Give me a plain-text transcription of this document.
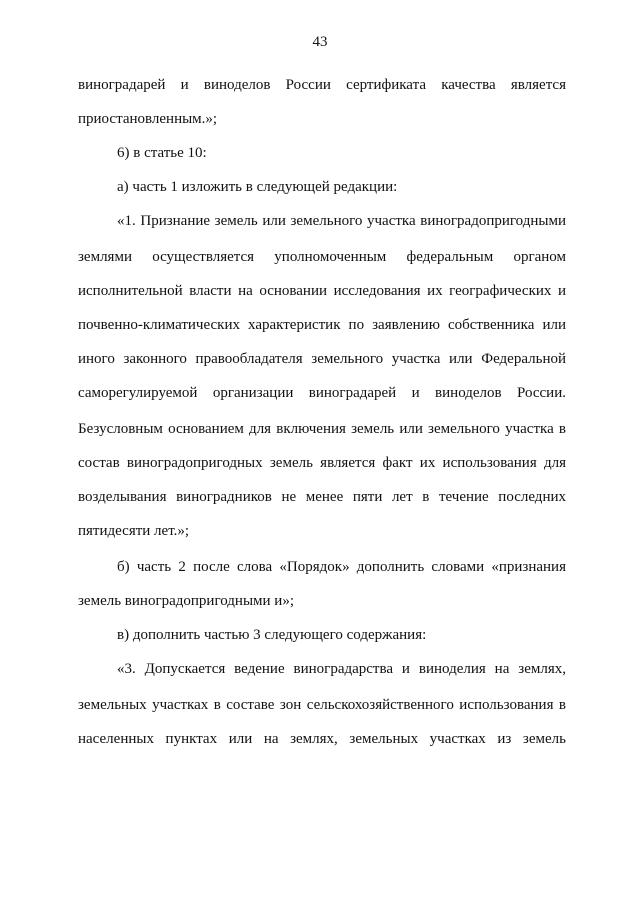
43
виноградарей и виноделов России сертификата качества является
приостановленным.»;
6) в статье 10:
а) часть 1 изложить в следующей редакции:
«1. Признание земель или земельного участка виноградопригодными
землями осуществляется уполномоченным федеральным органом
исполнительной власти на основании исследования их географических и
почвенно-климатических характеристик по заявлению собственника или
иного законного правообладателя земельного участка или Федеральной
саморегулируемой организации виноградарей и виноделов России.
Безусловным основанием для включения земель или земельного участка в
состав виноградопригодных земель является факт их использования для
возделывания виноградников не менее пяти лет в течение последних
пятидесяти лет.»;
б) часть 2 после слова «Порядок» дополнить словами «признания
земель виноградопригодными и»;
в) дополнить частью 3 следующего содержания:
«3. Допускается ведение виноградарства и виноделия на землях,
земельных участках в составе зон сельскохозяйственного использования в
населенных пунктах или на землях, земельных участках из земель
